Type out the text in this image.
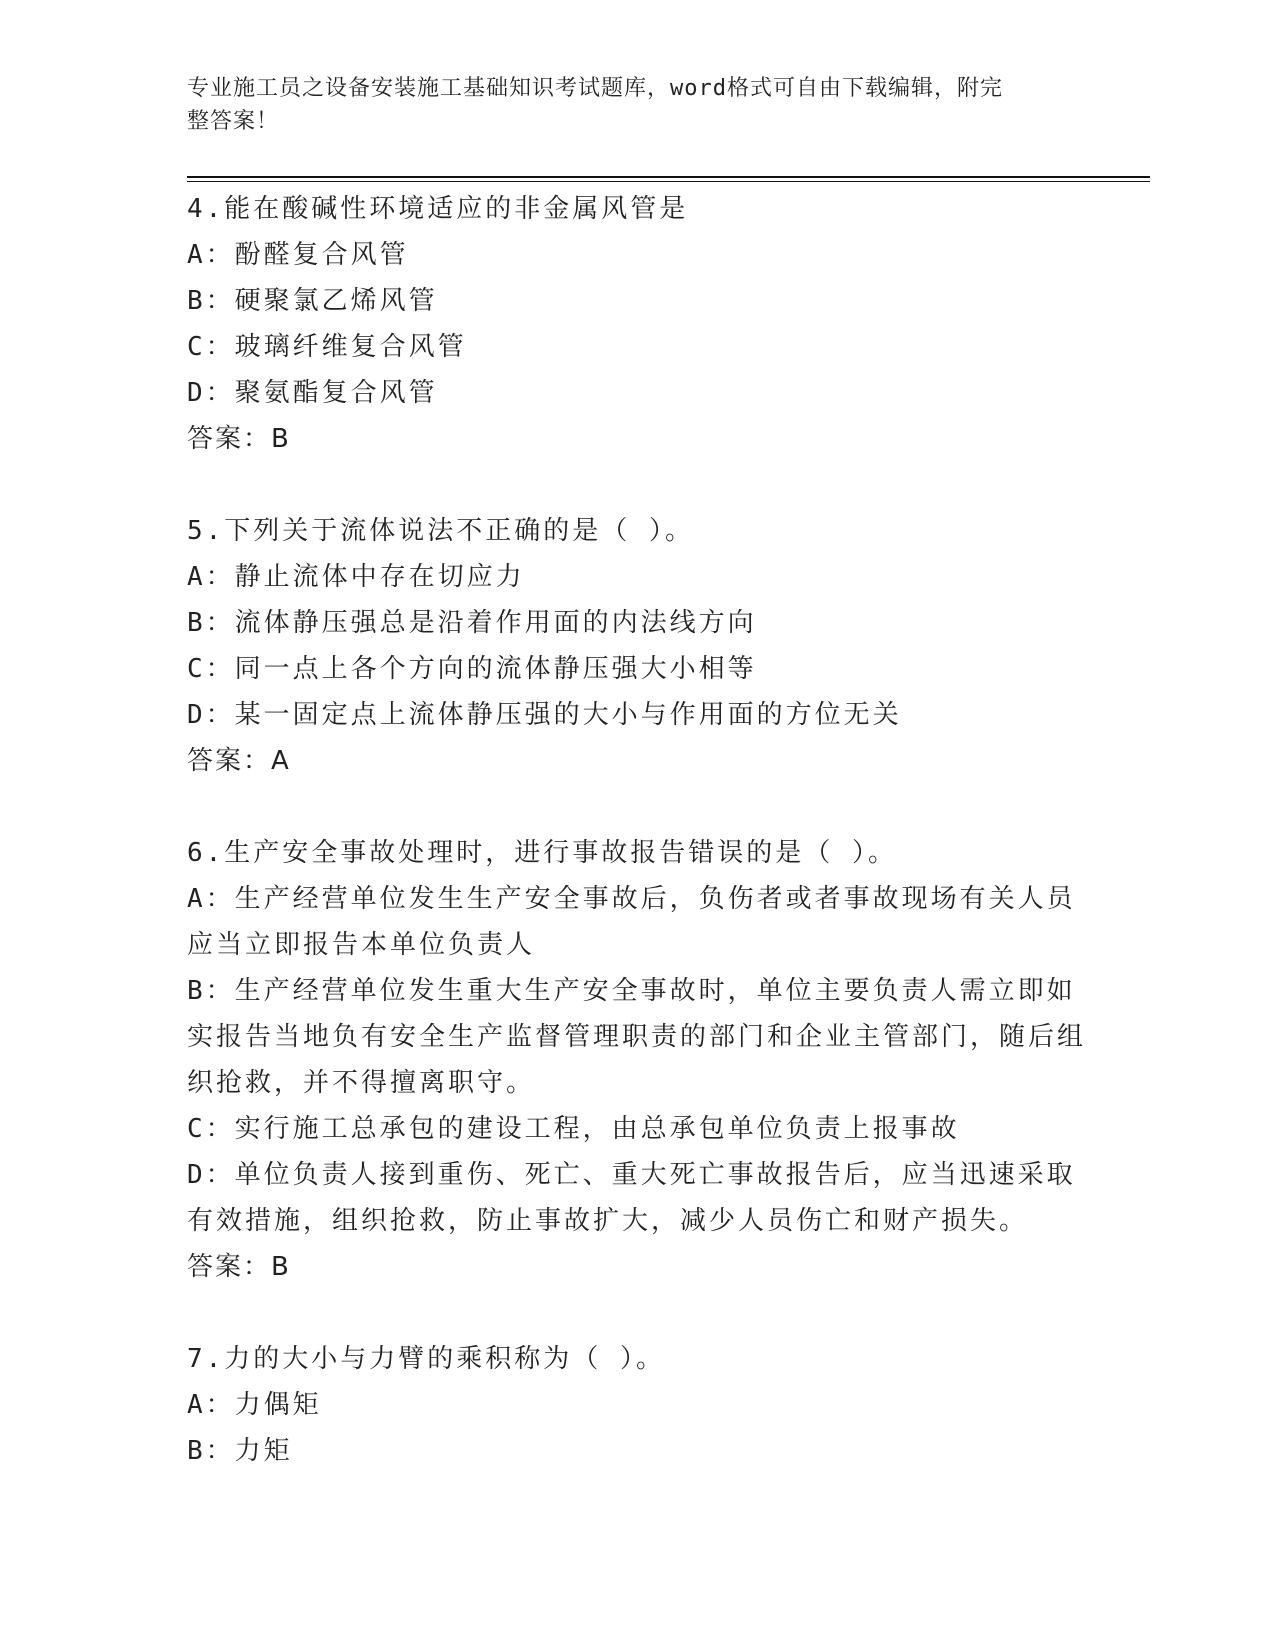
专业施工员之设备安装施工基础知识考试题库，word格式可自由下载编辑，附完
整答案！
4.能在酸碱性环境适应的非金属风管是
A：酚醛复合风管
B：硬聚氯乙烯风管
C：玻璃纤维复合风管
D：聚氨酯复合风管
答案：B
5.下列关于流体说法不正确的是（ ）。
A：静止流体中存在切应力
B：流体静压强总是沿着作用面的内法线方向
C：同一点上各个方向的流体静压强大小相等
D：某一固定点上流体静压强的大小与作用面的方位无关
答案：A
6.生产安全事故处理时，进行事故报告错误的是（ ）。
A：生产经营单位发生生产安全事故后，负伤者或者事故现场有关人员应当立即报告本单位负责人
B：生产经营单位发生重大生产安全事故时，单位主要负责人需立即如实报告当地负有安全生产监督管理职责的部门和企业主管部门，随后组织抢救，并不得擅离职守。
C：实行施工总承包的建设工程，由总承包单位负责上报事故
D：单位负责人接到重伤、死亡、重大死亡事故报告后，应当迅速采取有效措施，组织抢救，防止事故扩大，减少人员伤亡和财产损失。
答案：B
7.力的大小与力臂的乘积称为（ ）。
A：力偶矩
B：力矩
